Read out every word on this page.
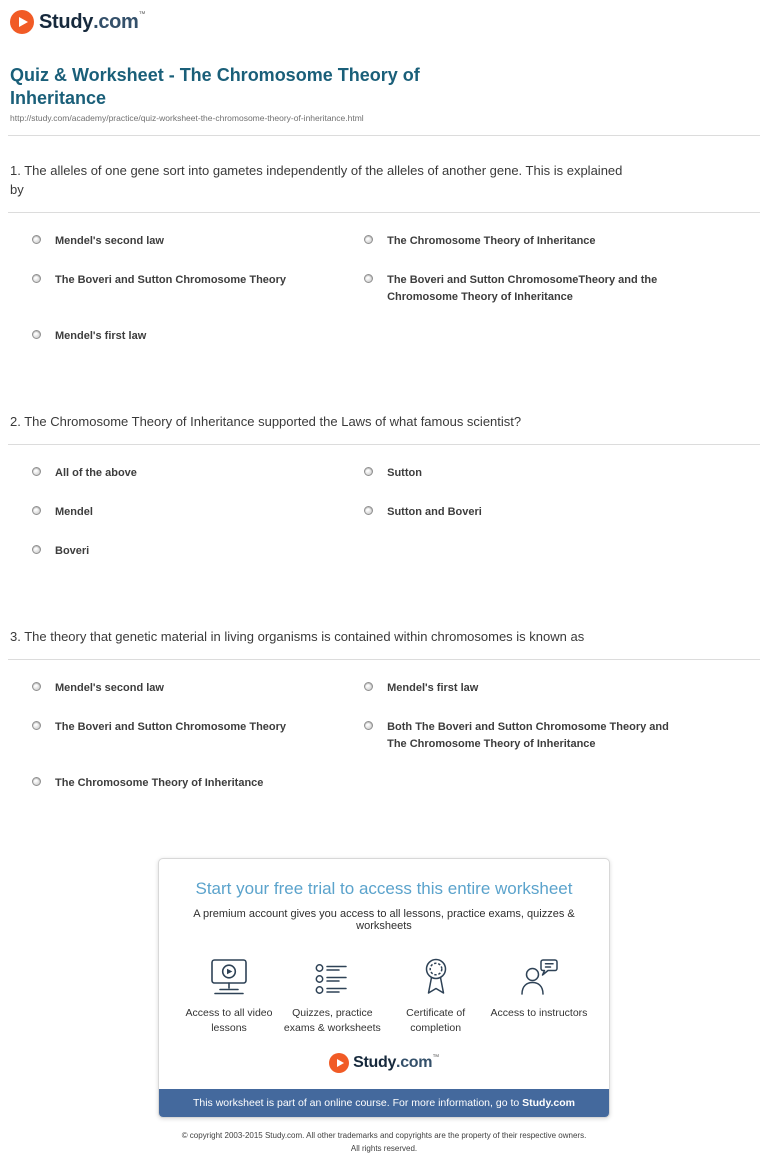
Study.com™
Quiz & Worksheet - The Chromosome Theory of Inheritance
http://study.com/academy/practice/quiz-worksheet-the-chromosome-theory-of-inheritance.html

1. The alleles of one gene sort into gametes independently of the alleles of another gene. This is explained by

Mendel's second law	The Chromosome Theory of Inheritance
The Boveri and Sutton Chromosome Theory	The Boveri and Sutton ChromosomeTheory and the Chromosome Theory of Inheritance
Mendel's first law

2. The Chromosome Theory of Inheritance supported the Laws of what famous scientist?

All of the above	Sutton
Mendel	Sutton and Boveri
Boveri

3. The theory that genetic material in living organisms is contained within chromosomes is known as

Mendel's second law	Mendel's first law
The Boveri and Sutton Chromosome Theory	Both The Boveri and Sutton Chromosome Theory and The Chromosome Theory of Inheritance
The Chromosome Theory of Inheritance
Start your free trial to access this entire worksheet
A premium account gives you access to all lessons, practice exams, quizzes & worksheets
Access to all video lessons
Quizzes, practice exams & worksheets
Certificate of completion
Access to instructors
Study.com™
This worksheet is part of an online course. For more information, go to Study.com
© copyright 2003-2015 Study.com. All other trademarks and copyrights are the property of their respective owners.
All rights reserved.
